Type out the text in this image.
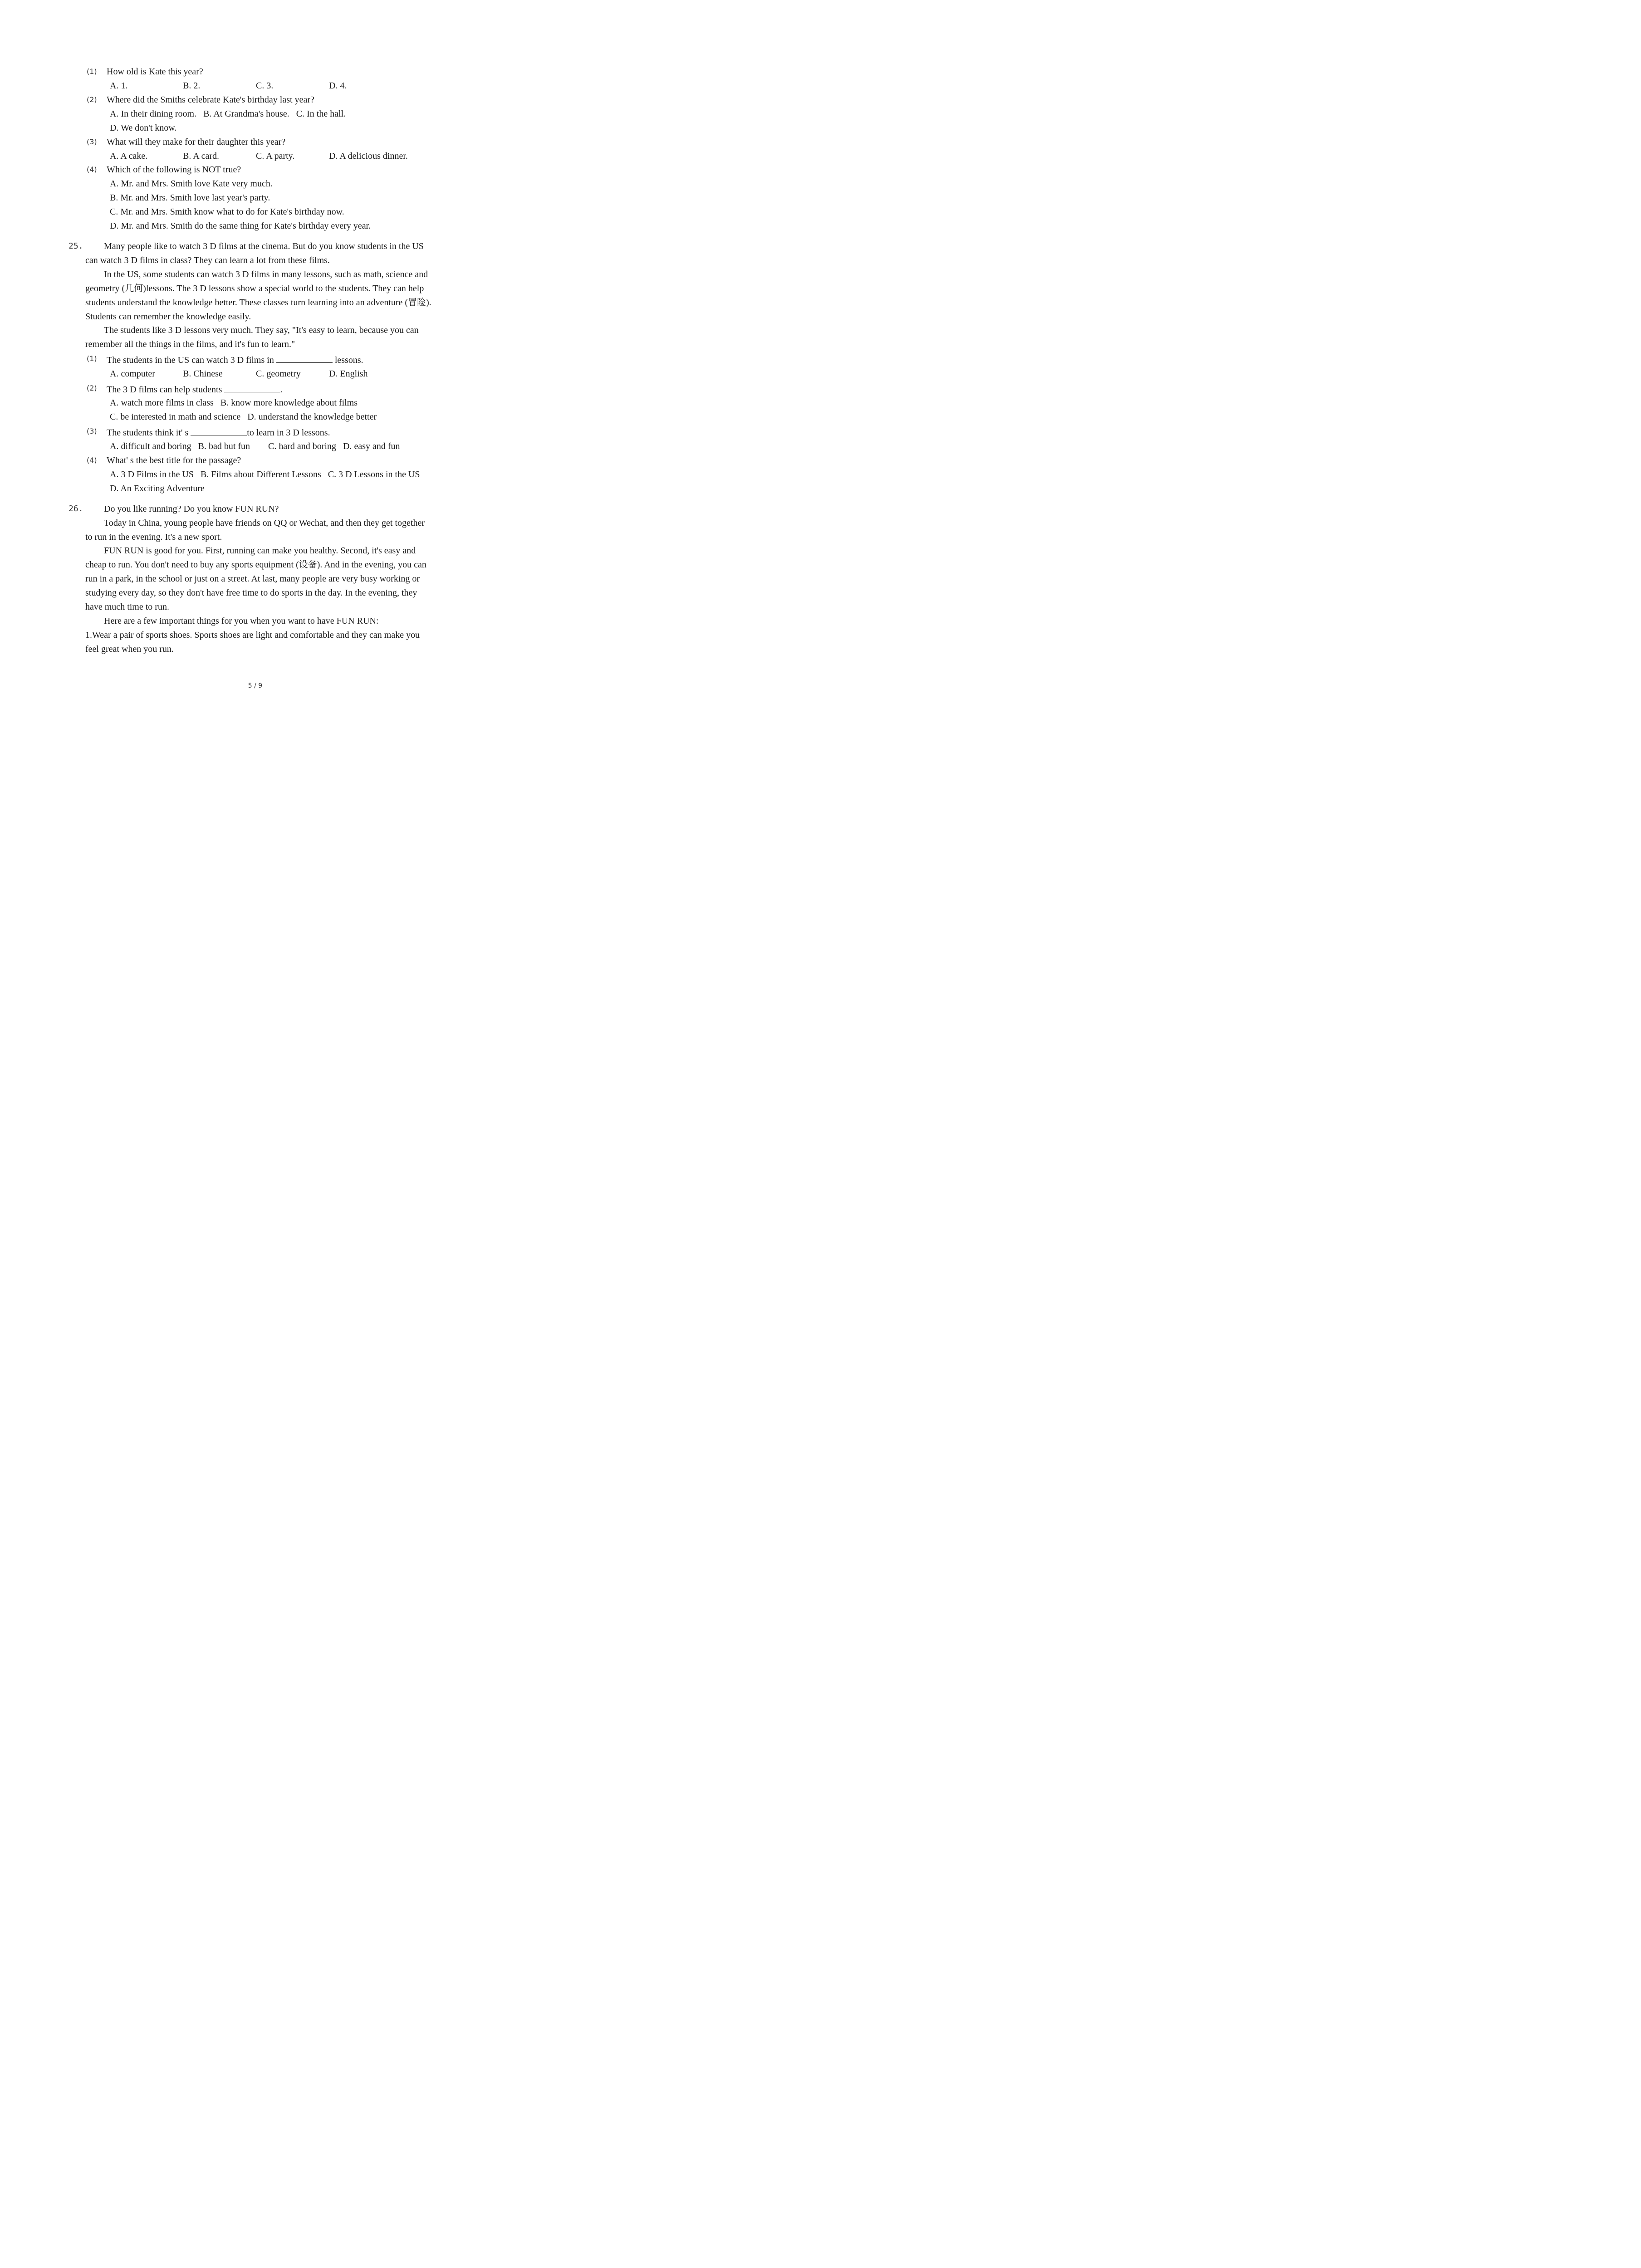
(1) How old is Kate this year?
A. 1.	B. 2.	C. 3.	D. 4.
(2) Where did the Smiths celebrate Kate's birthday last year?
A. In their dining room.   B. At Grandma's house.   C. In the hall.
D. We don't know.
(3) What will they make for their daughter this year?
A. A cake.	B. A card.	C. A party.	D. A delicious dinner.
(4) Which of the following is NOT true?
A. Mr. and Mrs. Smith love Kate very much.
B. Mr. and Mrs. Smith love last year's party.
C. Mr. and Mrs. Smith know what to do for Kate's birthday now.
D. Mr. and Mrs. Smith do the same thing for Kate's birthday every year.
25. Many people like to watch 3 D films at the cinema. But do you know students in the US
can watch 3 D films in class? They can learn a lot from these films.
In the US, some students can watch 3 D films in many lessons, such as math, science and
geometry (几何)lessons. The 3 D lessons show a special world to the students. They can help
students understand the knowledge better. These classes turn learning into an adventure (冒险).
Students can remember the knowledge easily.
The students like 3 D lessons very much. They say, "It's easy to learn, because you can
remember all the things in the films, and it's fun to learn."
(1) The students in the US can watch 3 D films in	lessons.
A. computer	B. Chinese	C. geometry	D. English
(2) The 3 D films can help students	.
A. watch more films in class   B. know more knowledge about films
C. be interested in math and science   D. understand the knowledge better
(3) The students think it' s	to learn in 3 D lessons.
A. difficult and boring   B. bad but fun        C. hard and boring   D. easy and fun
(4) What' s the best title for the passage?
A. 3 D Films in the US   B. Films about Different Lessons   C. 3 D Lessons in the US
D. An Exciting Adventure
26. Do you like running? Do you know FUN RUN?
Today in China, young people have friends on QQ or Wechat, and then they get together
to run in the evening. It's a new sport.
FUN RUN is good for you. First, running can make you healthy. Second, it's easy and
cheap to run. You don't need to buy any sports equipment (设备). And in the evening, you can
run in a park, in the school or just on a street. At last, many people are very busy working or
studying every day, so they don't have free time to do sports in the day. In the evening, they
have much time to run.
Here are a few important things for you when you want to have FUN RUN:
1.Wear a pair of sports shoes. Sports shoes are light and comfortable and they can make you
feel great when you run.
5 / 9
